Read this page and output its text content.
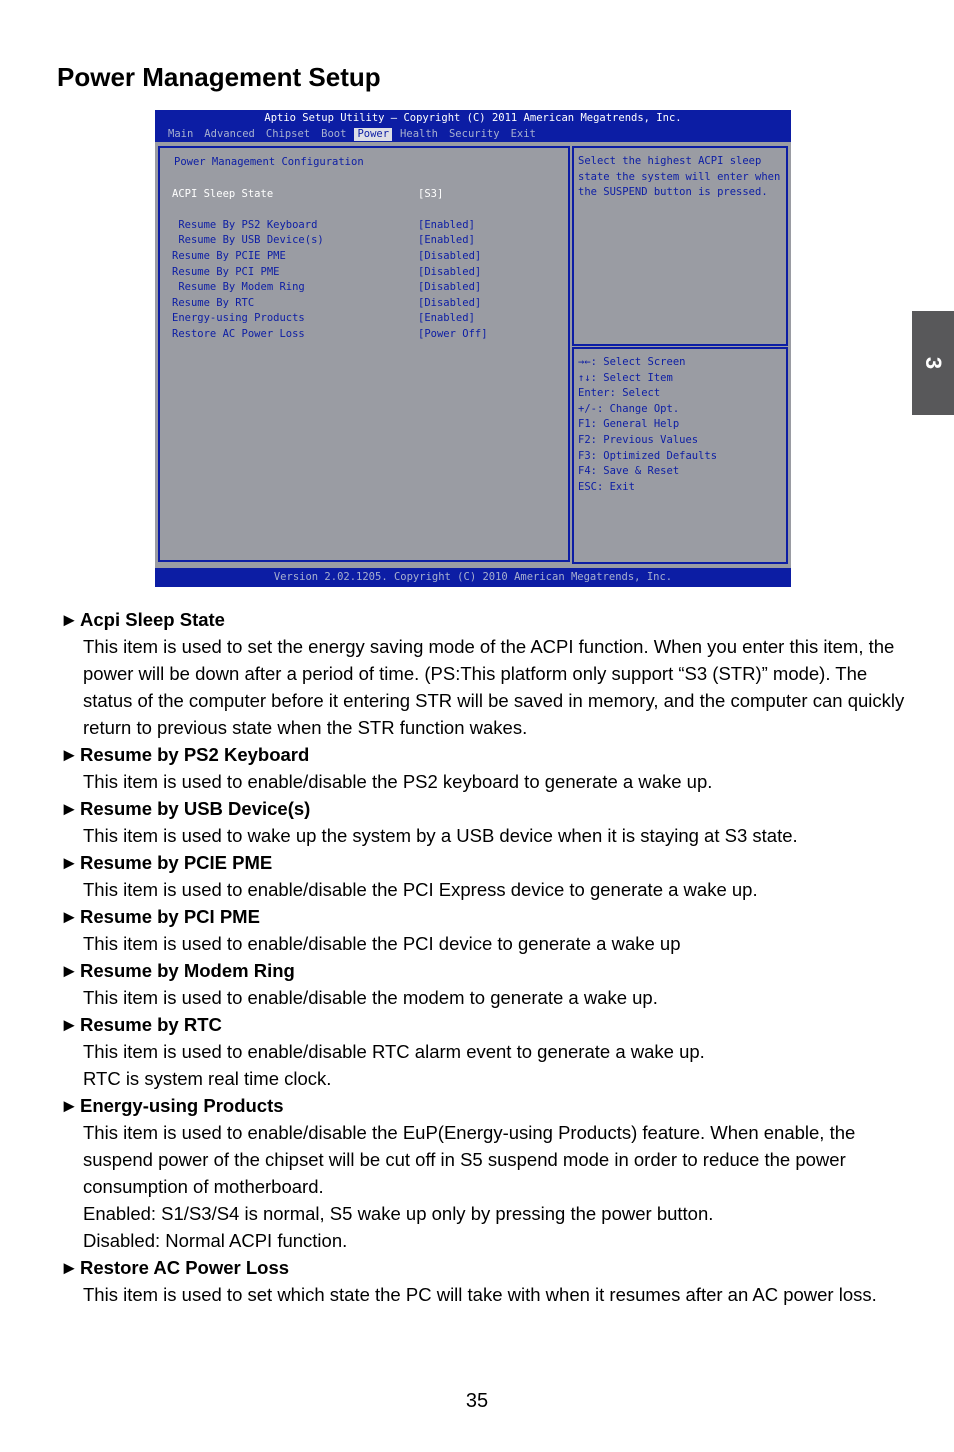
Power Management Setup
3
Aptio Setup Utility – Copyright (C) 2011 American Megatrends, Inc.
Main Advanced Chipset Boot Power Health Security Exit
Power Management Configuration
ACPI Sleep State	[S3]
Resume By PS2 Keyboard	[Enabled]
Resume By USB Device(s)	[Enabled]
Resume By PCIE PME	[Disabled]
Resume By PCI PME	[Disabled]
Resume By Modem Ring	[Disabled]
Resume By RTC	[Disabled]
Energy-using Products	[Enabled]
Restore AC Power Loss	[Power Off]
Select the highest ACPI sleep state the system will enter when the SUSPEND button is pressed.
→←: Select Screen
↑↓: Select Item
Enter: Select
+/-: Change Opt.
F1: General Help
F2: Previous Values
F3: Optimized Defaults
F4: Save & Reset
ESC: Exit
Version 2.02.1205. Copyright (C) 2010 American Megatrends, Inc.
►Acpi Sleep State
This item is used to set the energy saving mode of the ACPI function. When you enter this item, the power will be down after a period of time. (PS:This platform only support “S3 (STR)” mode). The status of the computer before it entering STR will be saved in memory, and the computer can quickly return to previous state when the STR function wakes.
►Resume by PS2 Keyboard
This item is used to enable/disable the PS2 keyboard to generate a wake up.
►Resume by USB Device(s)
This item is used to wake up the system by a USB device when it is staying at S3 state.
►Resume by PCIE PME
This item is used to enable/disable the PCI Express device to generate a wake up.
►Resume by PCI PME
This item is used to enable/disable the PCI device to generate a wake up
►Resume by Modem Ring
This item is used to enable/disable the modem to generate a wake up.
►Resume by RTC
This item is used to enable/disable RTC alarm event to generate a wake up.
RTC is system real time clock.
►Energy-using Products
This item is used to enable/disable the EuP(Energy-using Products) feature. When enable, the suspend power of the chipset will be cut off in S5 suspend mode in order to reduce the power consumption of motherboard.
Enabled: S1/S3/S4 is normal, S5 wake up only by pressing the power button.
Disabled: Normal ACPI function.
►Restore AC Power Loss
This item is used to set which state the PC will take with when it resumes after an AC power loss.
35
